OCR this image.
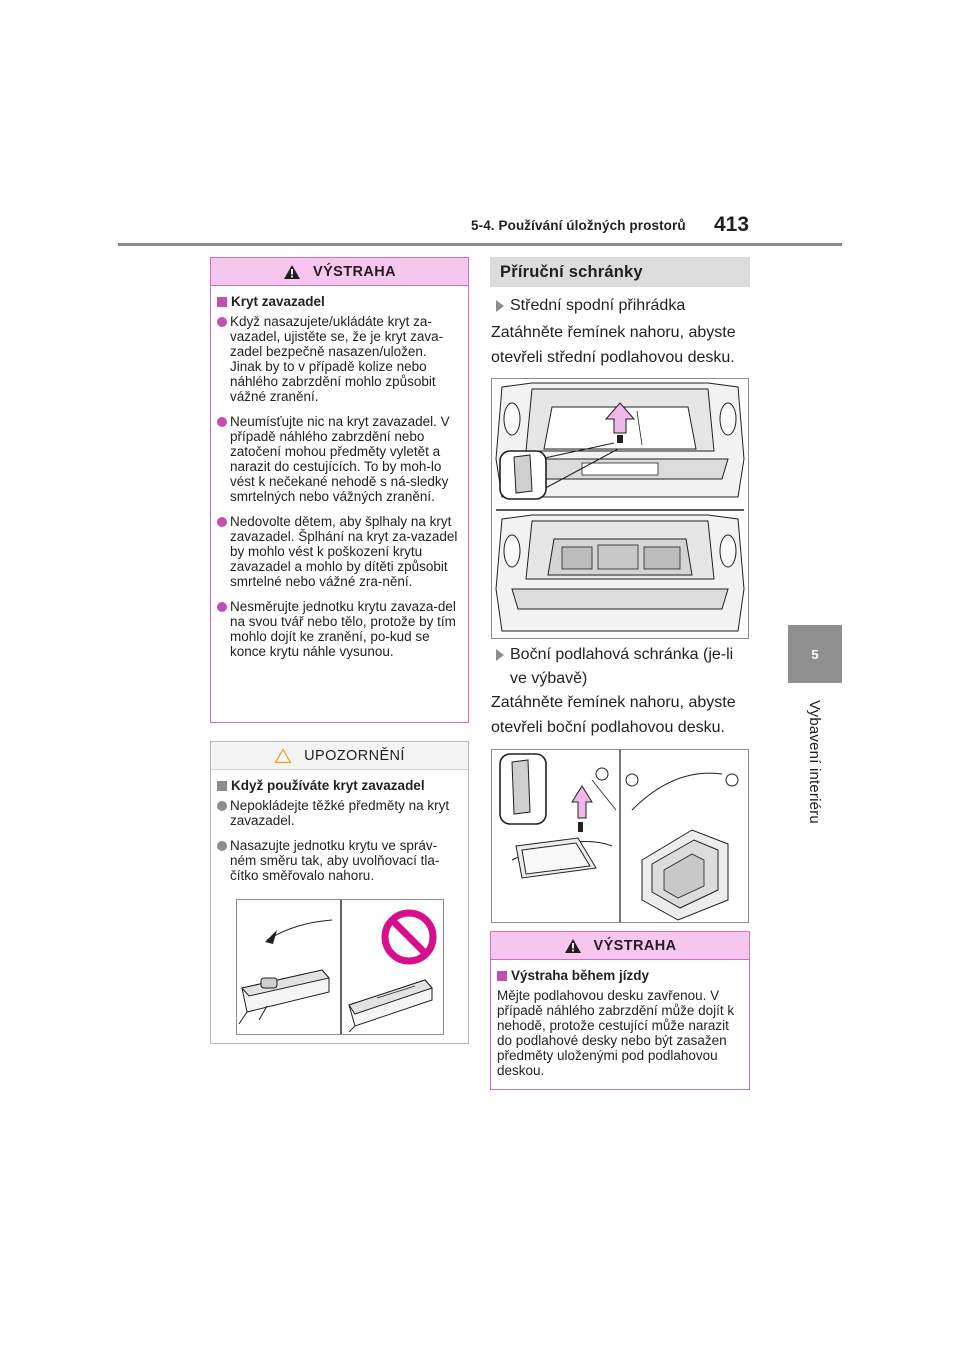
5-4. Používání úložných prostorů 413
5
Vybavení interiéru
VÝSTRAHA
Kryt zavazadel
Když nasazujete/ukládáte kryt za-vazadel, ujistěte se, že je kryt zava-zadel bezpečně nasazen/uložen. Jinak by to v případě kolize nebo náhlého zabrzdění mohlo způsobit vážné zranění.
Neumísťujte nic na kryt zavazadel. V případě náhlého zabrzdění nebo zatočení mohou předměty vyletět a narazit do cestujících. To by moh-lo vést k nečekané nehodě s ná-sledky smrtelných nebo vážných zranění.
Nedovolte dětem, aby šplhaly na kryt zavazadel. Šplhání na kryt za-vazadel by mohlo vést k poškození krytu zavazadel a mohlo by dítěti způsobit smrtelné nebo vážné zra-nění.
Nesměrujte jednotku krytu zavaza-del na svou tvář nebo tělo, protože by tím mohlo dojít ke zranění, po-kud se konce krytu náhle vysunou.
UPOZORNĚNÍ
Když používáte kryt zavazadel
Nepokládejte těžké předměty na kryt zavazadel.
Nasazujte jednotku krytu ve správ-ném směru tak, aby uvolňovací tla-čítko směřovalo nahoru.
Příruční schránky
Střední spodní přihrádka
Zatáhněte řemínek nahoru, abyste otevřeli střední podlahovou desku.
Boční podlahová schránka (je-li ve výbavě)
Zatáhněte řemínek nahoru, abyste otevřeli boční podlahovou desku.
VÝSTRAHA
Výstraha během jízdy
Mějte podlahovou desku zavřenou. V případě náhlého zabrzdění může dojít k nehodě, protože cestující může narazit do podlahové desky nebo být zasažen předměty uloženými pod podlahovou deskou.
